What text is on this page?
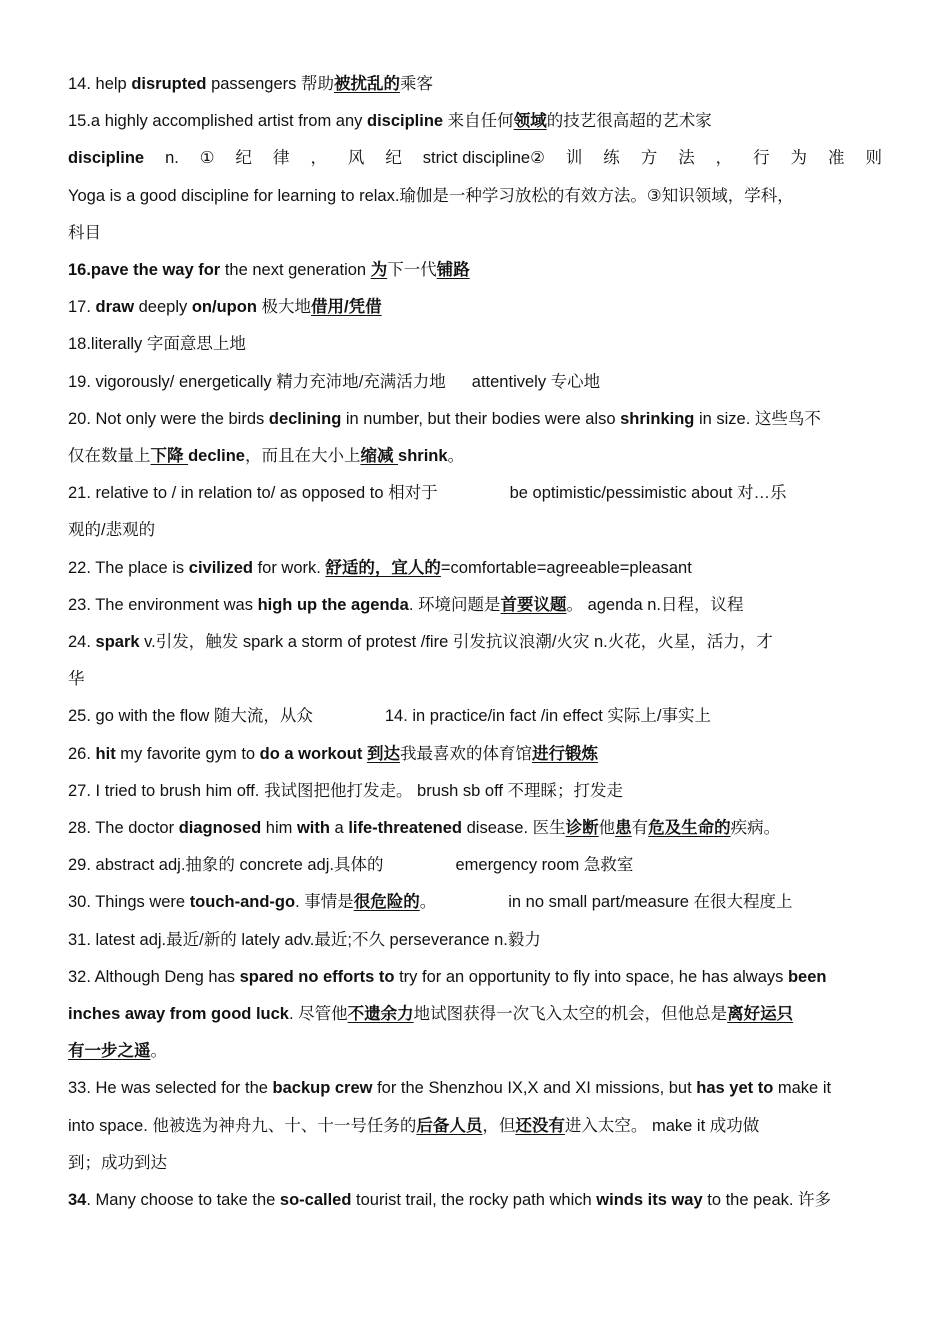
14. help disrupted passengers 帮助被扰乱的乘客
15.a highly accomplished artist from any discipline 来自任何领域的技艺很高超的艺术家
discipline n. ① 纪 律 ， 风 纪 strict discipline② 训 练 方 法 ， 行 为 准 则
Yoga is a good discipline for learning to relax.瑜伽是一种学习放松的有效方法。③知识领域，学科，
科目
16.pave the way for the next generation 为下一代铺路
17. draw deeply on/upon 极大地借用/凭借
18.literally 字面意思上地
19. vigorously/ energetically 精力充沛地/充满活力地 attentively 专心地
20. Not only were the birds declining in number, but their bodies were also shrinking in size. 这些鸟不
仅在数量上下降 decline，而且在大小上缩减 shrink。
21. relative to / in relation to/ as opposed to 相对于	be optimistic/pessimistic about 对…乐
观的/悲观的
22. The place is civilized for work. 舒适的，宜人的=comfortable=agreeable=pleasant
23. The environment was high up the agenda. 环境问题是首要议题。 agenda n.日程，议程
24. spark v.引发，触发 spark a storm of protest /fire 引发抗议浪潮/火灾 n.火花，火星，活力，才
华
25. go with the flow 随大流，从众	14. in practice/in fact /in effect 实际上/事实上
26. hit my favorite gym to do a workout 到达我最喜欢的体育馆进行锻炼
27. I tried to brush him off. 我试图把他打发走。 brush sb off 不理睬；打发走
28. The doctor diagnosed him with a life-threatened disease. 医生诊断他患有危及生命的疾病。
29. abstract adj.抽象的 concrete adj.具体的	emergency room 急救室
30. Things were touch-and-go. 事情是很危险的。	in no small part/measure 在很大程度上
31. latest adj.最近/新的 lately adv.最近;不久 perseverance n.毅力
32. Although Deng has spared no efforts to try for an opportunity to fly into space, he has always been
inches away from good luck. 尽管他不遗余力地试图获得一次飞入太空的机会，但他总是离好运只
有一步之遥。
33. He was selected for the backup crew for the Shenzhou IX,X and XI missions, but has yet to make it
into space. 他被选为神舟九、十、十一号任务的后备人员，但还没有进入太空。 make it 成功做
到；成功到达
34. Many choose to take the so-called tourist trail, the rocky path which winds its way to the peak. 许多
